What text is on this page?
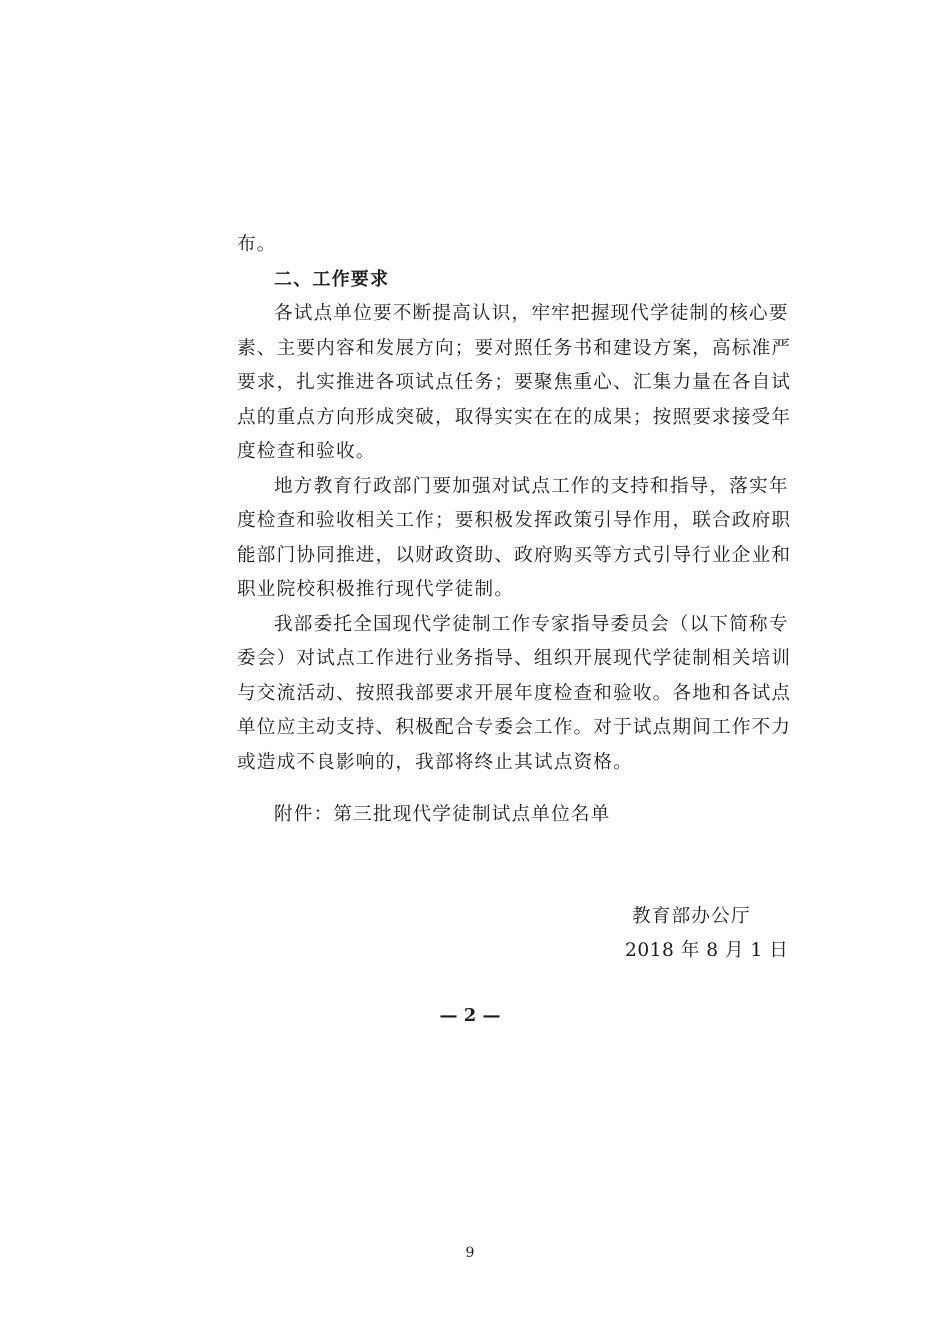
布。
二、工作要求
各试点单位要不断提高认识，牢牢把握现代学徒制的核心要
素、主要内容和发展方向；要对照任务书和建设方案，高标准严
要求，扎实推进各项试点任务；要聚焦重心、汇集力量在各自试
点的重点方向形成突破，取得实实在在的成果；按照要求接受年
度检查和验收。
地方教育行政部门要加强对试点工作的支持和指导，落实年
度检查和验收相关工作；要积极发挥政策引导作用，联合政府职
能部门协同推进，以财政资助、政府购买等方式引导行业企业和
职业院校积极推行现代学徒制。
我部委托全国现代学徒制工作专家指导委员会（以下简称专
委会）对试点工作进行业务指导、组织开展现代学徒制相关培训
与交流活动、按照我部要求开展年度检查和验收。各地和各试点
单位应主动支持、积极配合专委会工作。对于试点期间工作不力
或造成不良影响的，我部将终止其试点资格。
附件：第三批现代学徒制试点单位名单
教育部办公厅
2018 年 8 月 1 日
— 2 —
9
